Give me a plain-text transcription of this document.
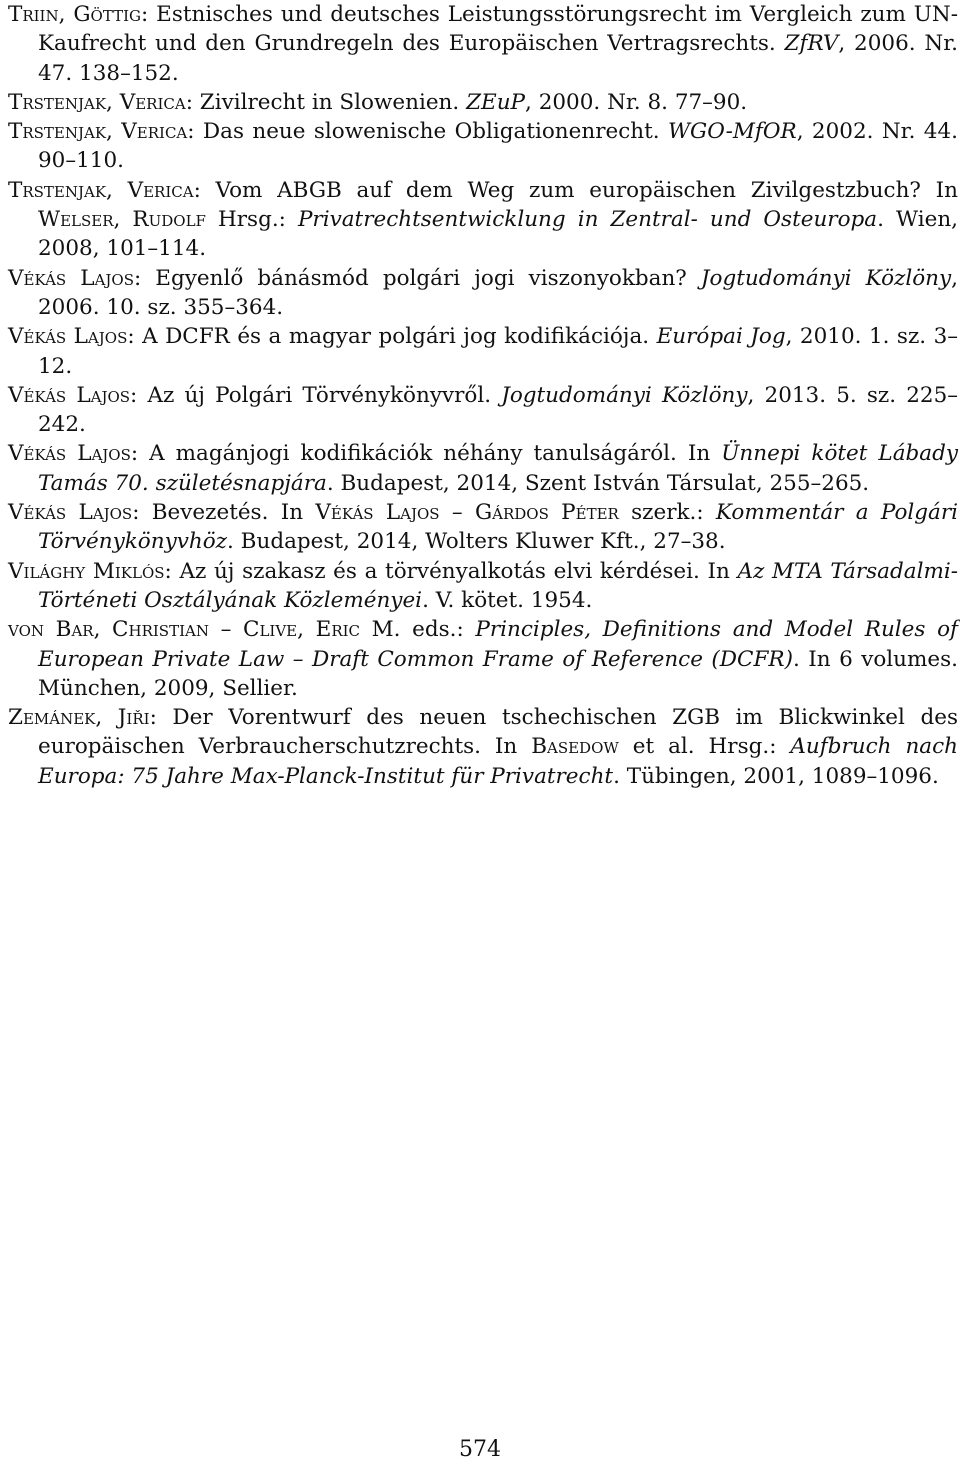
Triin, Göttig: Estnisches und deutsches Leistungsstörungsrecht im Vergleich zum UN-Kaufrecht und den Grundregeln des Europäischen Vertragsrechts. ZfRV, 2006. Nr. 47. 138–152.

Trstenjak, Verica: Zivilrecht in Slowenien. ZEuP, 2000. Nr. 8. 77–90.

Trstenjak, Verica: Das neue slowenische Obligationenrecht. WGO-MfOR, 2002. Nr. 44. 90–110.

Trstenjak, Verica: Vom ABGB auf dem Weg zum europäischen Zivilgestzbuch? In Welser, Rudolf Hrsg.: Privatrechtsentwicklung in Zentral- und Osteuropa. Wien, 2008, 101–114.

Vékás Lajos: Egyenlő bánásmód polgári jogi viszonyokban? Jogtudományi Közlöny, 2006. 10. sz. 355–364.

Vékás Lajos: A DCFR és a magyar polgári jog kodifikációja. Európai Jog, 2010. 1. sz. 3–12.

Vékás Lajos: Az új Polgári Törvénykönyvről. Jogtudományi Közlöny, 2013. 5. sz. 225–242.

Vékás Lajos: A magánjogi kodifikációk néhány tanulságáról. In Ünnepi kötet Lábady Tamás 70. születésnapjára. Budapest, 2014, Szent István Társulat, 255–265.

Vékás Lajos: Bevezetés. In Vékás Lajos – Gárdos Péter szerk.: Kommentár a Polgári Törvénykönyvhöz. Budapest, 2014, Wolters Kluwer Kft., 27–38.

Világhy Miklós: Az új szakasz és a törvényalkotás elvi kérdései. In Az MTA Társadalmi-Történeti Osztályának Közleményei. V. kötet. 1954.

von Bar, Christian – Clive, Eric M. eds.: Principles, Definitions and Model Rules of European Private Law – Draft Common Frame of Reference (DCFR). In 6 volumes. München, 2009, Sellier.

Zemánek, Jiři: Der Vorentwurf des neuen tschechischen ZGB im Blickwinkel des europäischen Verbraucherschutzrechts. In Basedow et al. Hrsg.: Aufbruch nach Europa: 75 Jahre Max-Planck-Institut für Privatrecht. Tübingen, 2001, 1089–1096.

574
